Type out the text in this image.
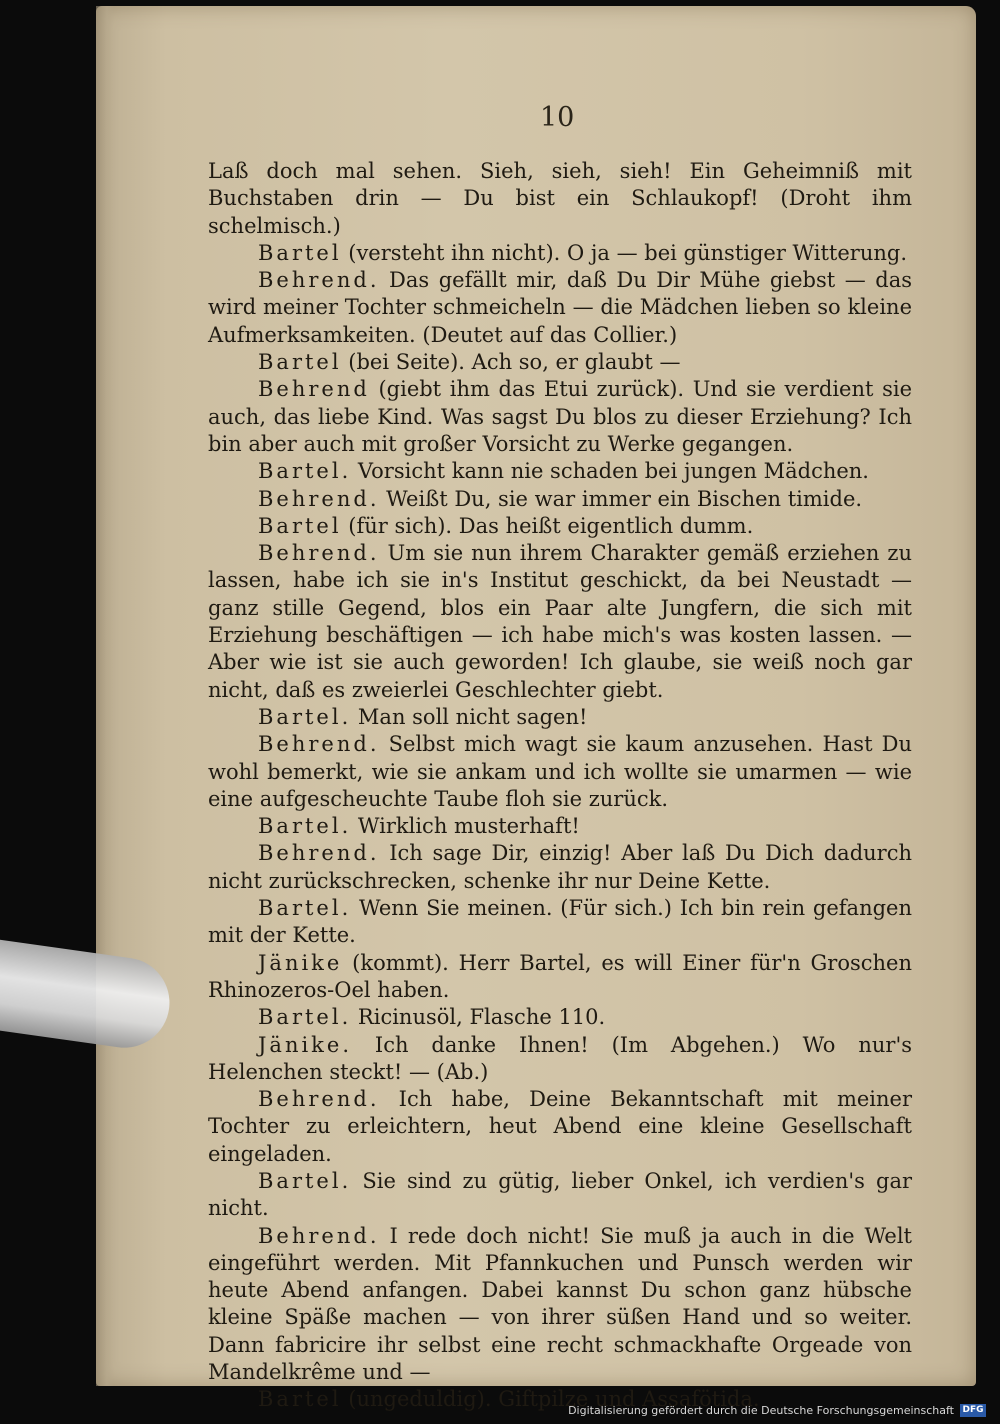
10

Laß doch mal sehen. Sieh, sieh, sieh! Ein Geheimniß mit Buchstaben drin — Du bist ein Schlaukopf! (Droht ihm schelmisch.)

Bartel (versteht ihn nicht). O ja — bei günstiger Witterung.

Behrend. Das gefällt mir, daß Du Dir Mühe giebst — das wird meiner Tochter schmeicheln — die Mädchen lieben so kleine Aufmerksamkeiten. (Deutet auf das Collier.)

Bartel (bei Seite). Ach so, er glaubt —

Behrend (giebt ihm das Etui zurück). Und sie verdient sie auch, das liebe Kind. Was sagst Du blos zu dieser Erziehung? Ich bin aber auch mit großer Vorsicht zu Werke gegangen.

Bartel. Vorsicht kann nie schaden bei jungen Mädchen.

Behrend. Weißt Du, sie war immer ein Bischen timide.

Bartel (für sich). Das heißt eigentlich dumm.

Behrend. Um sie nun ihrem Charakter gemäß erziehen zu lassen, habe ich sie in's Institut geschickt, da bei Neustadt — ganz stille Gegend, blos ein Paar alte Jungfern, die sich mit Erziehung beschäftigen — ich habe mich's was kosten lassen. — Aber wie ist sie auch geworden! Ich glaube, sie weiß noch gar nicht, daß es zweierlei Geschlechter giebt.

Bartel. Man soll nicht sagen!

Behrend. Selbst mich wagt sie kaum anzusehen. Hast Du wohl bemerkt, wie sie ankam und ich wollte sie umarmen — wie eine aufgescheuchte Taube floh sie zurück.

Bartel. Wirklich musterhaft!

Behrend. Ich sage Dir, einzig! Aber laß Du Dich dadurch nicht zurückschrecken, schenke ihr nur Deine Kette.

Bartel. Wenn Sie meinen. (Für sich.) Ich bin rein gefangen mit der Kette.

Jänike (kommt). Herr Bartel, es will Einer für'n Groschen Rhinozeros-Oel haben.

Bartel. Ricinusöl, Flasche 110.

Jänike. Ich danke Ihnen! (Im Abgehen.) Wo nur's Helenchen steckt! — (Ab.)

Behrend. Ich habe, Deine Bekanntschaft mit meiner Tochter zu erleichtern, heut Abend eine kleine Gesellschaft eingeladen.

Bartel. Sie sind zu gütig, lieber Onkel, ich verdien's gar nicht.

Behrend. I rede doch nicht! Sie muß ja auch in die Welt eingeführt werden. Mit Pfannkuchen und Punsch werden wir heute Abend anfangen. Dabei kannst Du schon ganz hübsche kleine Späße machen — von ihrer süßen Hand und so weiter. Dann fabricire ihr selbst eine recht schmackhafte Orgeade von Mandelkrême und —

Bartel (ungeduldig). Giftpilze und Assafötida.

Digitalisierung gefördert durch die Deutsche Forschungsgemeinschaft DFG
